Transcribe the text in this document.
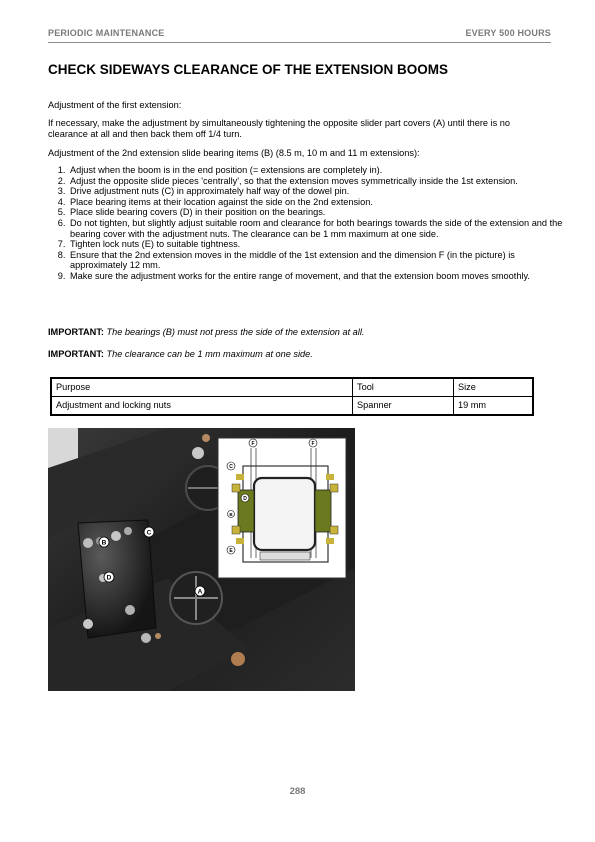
PERIODIC MAINTENANCE	EVERY 500 HOURS
CHECK SIDEWAYS CLEARANCE OF THE EXTENSION BOOMS

Adjustment of the first extension:

If necessary, make the adjustment by simultaneously tightening the opposite slider part covers (A) until there is no clearance at all and then back them off 1/4 turn.

Adjustment of the 2nd extension slide bearing items (B) (8.5 m, 10 m and 11 m extensions):

1. Adjust when the boom is in the end position (= extensions are completely in).
2. Adjust the opposite slide pieces 'centrally', so that the extension moves symmetrically inside the 1st extension.
3. Drive adjustment nuts (C) in approximately half way of the dowel pin.
4. Place bearing items at their location against the side on the 2nd extension.
5. Place slide bearing covers (D) in their position on the bearings.
6. Do not tighten, but slightly adjust suitable room and clearance for both bearings towards the side of the extension and the bearing cover with the adjustment nuts. The clearance can be 1 mm maximum at one side.
7. Tighten lock nuts (E) to suitable tightness.
8. Ensure that the 2nd extension moves in the middle of the 1st extension and the dimension F (in the picture) is approximately 12 mm.
9. Make sure the adjustment works for the entire range of movement, and that the extension boom moves smoothly.

IMPORTANT: The bearings (B) must not press the side of the extension at all.

IMPORTANT: The clearance can be 1 mm maximum at one side.

Purpose	Tool	Size
Adjustment and locking nuts	Spanner	19 mm
B
C
D
A
F	F
C
D
E
B
288
